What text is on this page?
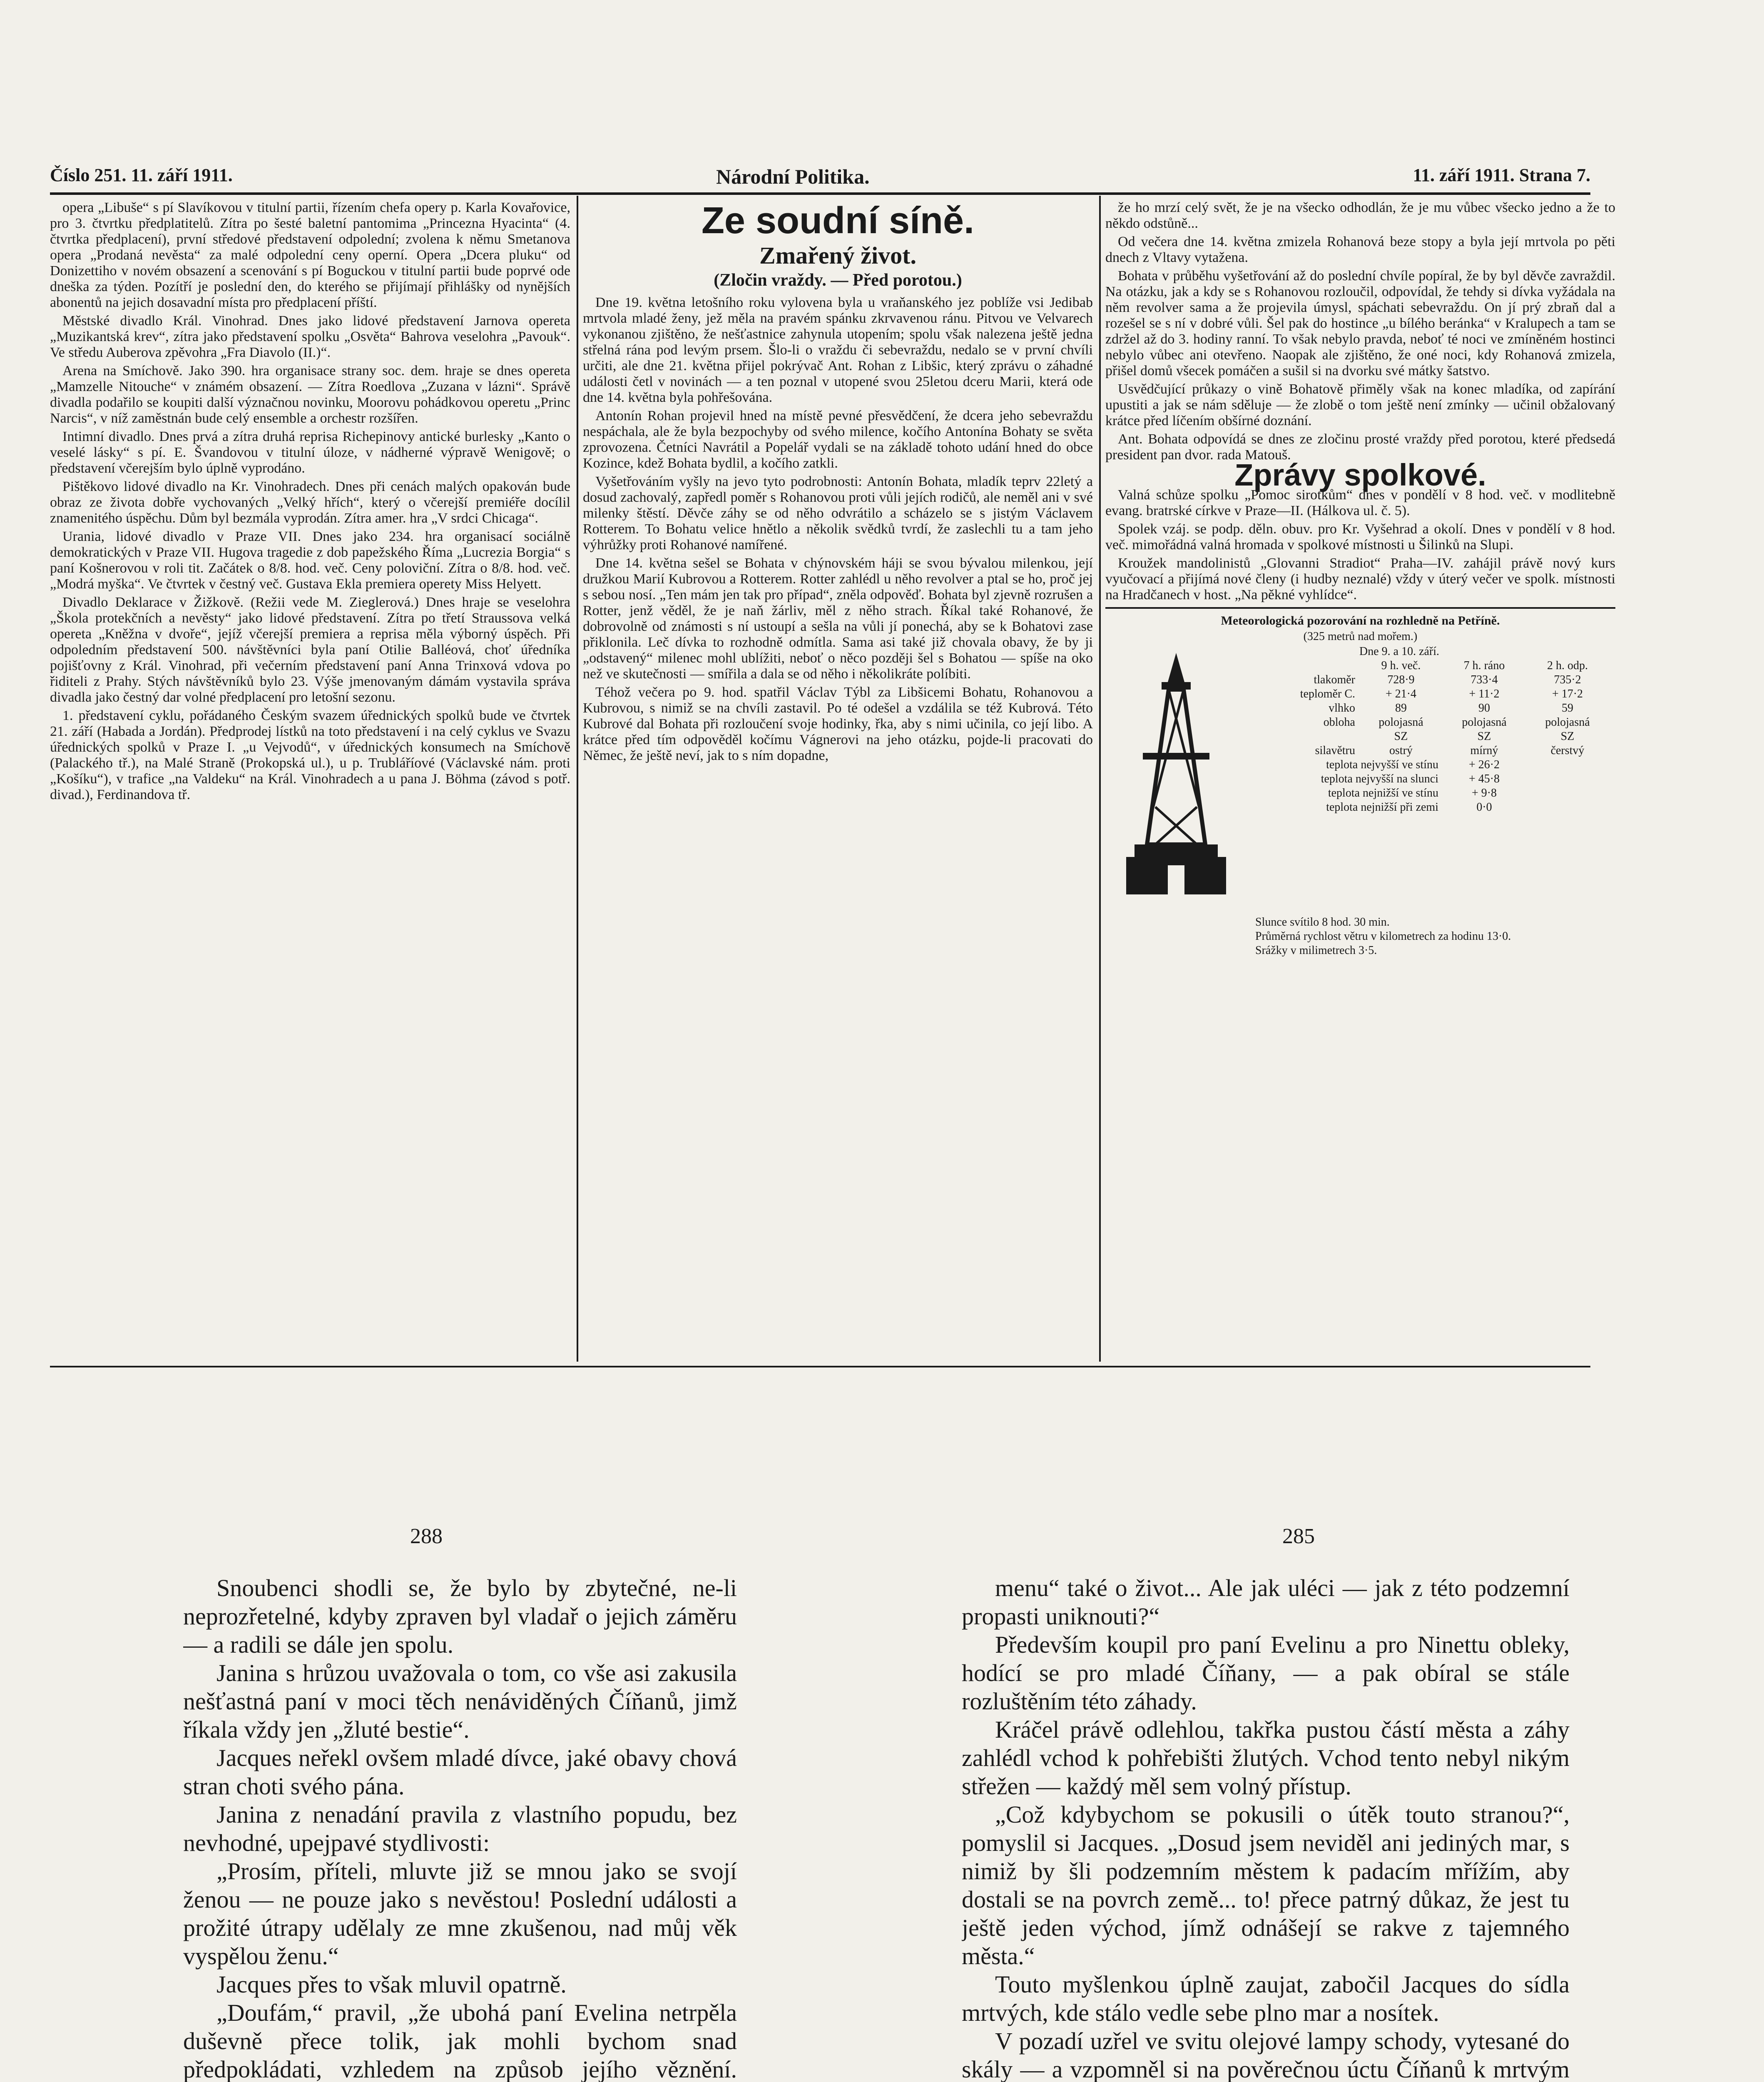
Číslo 251. 11. září 1911.	Národní Politika.	11. září 1911. Strana 7.

opera „Libuše“ s pí Slavíkovou v titulní partii, řízením chefa opery p. Karla Kovařovice, pro 3. čtvrtku předplatitelů. Zítra po šesté baletní pantomima „Princezna Hyacinta“ (4. čtvrtka předplacení), první středové představení odpolední; zvolena k němu Smetanova opera „Prodaná nevěsta“ za malé odpolední ceny operní. Opera „Dcera pluku“ od Donizettiho v novém obsazení a scenování s pí Boguckou v titulní partii bude poprvé ode dneška za týden. Pozítří je poslední den, do kterého se přijímají přihlášky od nynějších abonentů na jejich dosavadní místa pro předplacení příští.

Městské divadlo Král. Vinohrad. Dnes jako lidové představení Jarnova opereta „Muzikantská krev“, zítra jako představení spolku „Osvěta“ Bahrova veselohra „Pavouk“. Ve středu Auberova zpěvohra „Fra Diavolo (II.)“.

Arena na Smíchově. Jako 390. hra organisace strany soc. dem. hraje se dnes opereta „Mamzelle Nitouche“ v známém obsazení. — Zítra Roedlova „Zuzana v lázni“. Správě divadla podařilo se koupiti další význačnou novinku, Moorovu pohádkovou operetu „Princ Narcis“, v níž zaměstnán bude celý ensemble a orchestr rozšířen.

Intimní divadlo. Dnes prvá a zítra druhá reprisa Richepinovy antické burlesky „Kanto o veselé lásky“ s pí. E. Švandovou v titulní úloze, v nádherné výpravě Wenigově; o představení včerejším bylo úplně vyprodáno.

Pištěkovo lidové divadlo na Kr. Vinohradech. Dnes při cenách malých opakován bude obraz ze života dobře vychovaných „Velký hřích“, který o včerejší premiéře docílil znamenitého úspěchu. Dům byl bezmála vyprodán. Zítra amer. hra „V srdci Chicaga“.

Urania, lidové divadlo v Praze VII. Dnes jako 234. hra organisací sociálně demokratických v Praze VII. Hugova tragedie z dob papežského Říma „Lucrezia Borgia“ s paní Košnerovou v roli tit. Začátek o 8/8. hod. več. Ceny poloviční. Zítra o 8/8. hod. več. „Modrá myška“. Ve čtvrtek v čestný več. Gustava Ekla premiera operety Miss Helyett.

Divadlo Deklarace v Žižkově. (Režii vede M. Zieglerová.) Dnes hraje se veselohra „Škola protekčních a nevěsty“ jako lidové představení. Zítra po třetí Straussova velká opereta „Kněžna v dvoře“, jejíž včerejší premiera a reprisa měla výborný úspěch. Při odpoledním představení 500. návštěvníci byla paní Otilie Balléová, choť úředníka pojišťovny z Král. Vinohrad, při večerním představení paní Anna Trinxová vdova po řiditeli z Prahy. Stých návštěvníků bylo 23. Výše jmenovaným dámám vystavila správa divadla jako čestný dar volné předplacení pro letošní sezonu.

1. představení cyklu, pořádaného Českým svazem úřednických spolků bude ve čtvrtek 21. září (Habada a Jordán). Předprodej lístků na toto představení i na celý cyklus ve Svazu úřednických spolků v Praze I. „u Vejvodů“, v úřednických konsumech na Smíchově (Palackého tř.), na Malé Straně (Prokopská ul.), u p. Trubláříové (Václavské nám. proti „Košíku“), v trafice „na Valdeku“ na Král. Vinohradech a u pana J. Böhma (závod s potř. divad.), Ferdinandova tř.

Ze soudní síně.
Zmařený život.
(Zločin vraždy. — Před porotou.)

Dne 19. května letošního roku vylovena byla u vraňanského jez poblíže vsi Jedibab mrtvola mladé ženy, jež měla na pravém spánku zkrvavenou ránu. Pitvou ve Velvarech vykonanou zjištěno, že nešťastnice zahynula utopením; spolu však nalezena ještě jedna střelná rána pod levým prsem. Šlo-li o vraždu či sebevraždu, nedalo se v první chvíli určiti, ale dne 21. května přijel pokrývač Ant. Rohan z Libšic, který zprávu o záhadné události četl v novinách — a ten poznal v utopené svou 25letou dceru Marii, která ode dne 14. května byla pohřešována.

Antonín Rohan projevil hned na místě pevné přesvědčení, že dcera jeho sebevraždu nespáchala, ale že byla bezpochyby od svého milence, kočího Antonína Bohaty se světa zprovozena. Četníci Navrátil a Popelář vydali se na základě tohoto udání hned do obce Kozince, kdež Bohata bydlil, a kočího zatkli.

Vyšetřováním vyšly na jevo tyto podrobnosti: Antonín Bohata, mladík teprv 22letý a dosud zachovalý, zapředl poměr s Rohanovou proti vůli jejích rodičů, ale neměl ani v své milenky štěstí. Děvče záhy se od něho odvrátilo a scházelo se s jistým Václavem Rotterem. To Bohatu velice hnětlo a několik svědků tvrdí, že zaslechli tu a tam jeho výhrůžky proti Rohanové namířené.

Dne 14. května sešel se Bohata v chýnovském háji se svou bývalou milenkou, její družkou Marií Kubrovou a Rotterem. Rotter zahlédl u něho revolver a ptal se ho, proč jej s sebou nosí. „Ten mám jen tak pro případ“, zněla odpověď. Bohata byl zjevně rozrušen a Rotter, jenž věděl, že je naň žárliv, měl z něho strach. Říkal také Rohanové, že dobrovolně od známosti s ní ustoupí a sešla na vůli jí ponechá, aby se k Bohatovi zase přiklonila. Leč dívka to rozhodně odmítla. Sama asi také již chovala obavy, že by ji „odstavený“ milenec mohl ublížiti, neboť o něco později šel s Bohatou — spíše na oko než ve skutečnosti — smířila a dala se od něho i několikráte políbiti.

Téhož večera po 9. hod. spatřil Václav Týbl za Libšicemi Bohatu, Rohanovou a Kubrovou, s nimiž se na chvíli zastavil. Po té odešel a vzdálila se též Kubrová. Této Kubrové dal Bohata při rozloučení svoje hodinky, řka, aby s nimi učinila, co její libo. A krátce před tím odpověděl kočímu Vágnerovi na jeho otázku, pojde-li pracovati do Němec, že ještě neví, jak to s ním dopadne,

že ho mrzí celý svět, že je na všecko odhodlán, že je mu vůbec všecko jedno a že to někdo odstůně...

Od večera dne 14. května zmizela Rohanová beze stopy a byla její mrtvola po pěti dnech z Vltavy vytažena.

Bohata v průběhu vyšetřování až do poslední chvíle popíral, že by byl děvče zavraždil. Na otázku, jak a kdy se s Rohanovou rozloučil, odpovídal, že tehdy si dívka vyžádala na něm revolver sama a že projevila úmysl, spáchati sebevraždu. On jí prý zbraň dal a rozešel se s ní v dobré vůli. Šel pak do hostince „u bílého beránka“ v Kralupech a tam se zdržel až do 3. hodiny ranní. To však nebylo pravda, neboť té noci ve zmíněném hostinci nebylo vůbec ani otevřeno. Naopak ale zjištěno, že oné noci, kdy Rohanová zmizela, přišel domů všecek pomáčen a sušil si na dvorku své mátky šatstvo.

Usvědčující průkazy o vině Bohatově přiměly však na konec mladíka, od zapírání upustiti a jak se nám sděluje — že zlobě o tom ještě není zmínky — učinil obžalovaný krátce před líčením obšírné doznání.

Ant. Bohata odpovídá se dnes ze zločinu prosté vraždy před porotou, které předsedá president pan dvor. rada Matouš.

Zprávy spolkové.

Valná schůze spolku „Pomoc sirotkům“ dnes v pondělí v 8 hod. več. v modlitebně evang. bratrské církve v Praze—II. (Hálkova ul. č. 5).

Spolek vzáj. se podp. děln. obuv. pro Kr. Vyšehrad a okolí. Dnes v pondělí v 8 hod. več. mimořádná valná hromada v spolkové místnosti u Šilinků na Slupi.

Kroužek mandolinistů „Glovanni Stradiot“ Praha—IV. zahájil právě nový kurs vyučovací a přijímá nové členy (i hudby neznalé) vždy v úterý večer ve spolk. místnosti na Hradčanech v host. „Na pěkné vyhlídce“.

Meteorologická pozorování na rozhledně na Petříně.
(325 metrů nad mořem.)
Dne 9. a 10. září.
9 h. več.	7 h. ráno	2 h. odp.
tlakoměr	728·9	733·4	735·2
teploměr C.	+ 21·4	+ 11·2	+ 17·2
vlhko	89	90	59
obloha	polojasná	polojasná	polojasná
SZ	SZ	SZ
silavětru	ostrý	mírný	čerstvý
teplota nejvyšší ve stínu	+ 26·2
teplota nejvyšší na slunci	+ 45·8
teplota nejnižší ve stínu	+ 9·8
teplota nejnižší při zemi	0·0
Slunce svítilo 8 hod. 30 min.
Průměrná rychlost větru v kilometrech za hodinu 13·0.
Srážky v milimetrech 3·5.
288

Snoubenci shodli se, že bylo by zbytečné, ne-li neprozřetelné, kdyby zpraven byl vladař o jejich záměru — a radili se dále jen spolu.

Janina s hrůzou uvažovala o tom, co vše asi zakusila nešťastná paní v moci těch nenáviděných Číňanů, jimž říkala vždy jen „žluté bestie“.

Jacques neřekl ovšem mladé dívce, jaké obavy chová stran choti svého pána.

Janina z nenadání pravila z vlastního popudu, bez nevhodné, upejpavé stydlivosti:

„Prosím, příteli, mluvte již se mnou jako se svojí ženou — ne pouze jako s nevěstou! Poslední události a prožité útrapy udělaly ze mne zkušenou, nad můj věk vyspělou ženu.“

Jacques přes to však mluvil opatrně.

„Doufám,“ pravil, „že ubohá paní Evelina netrpěla duševně přece tolik, jak mohli bychom snad předpokládati, vzhledem na způsob jejího věznění.

285

menu“ také o život... Ale jak uléci — jak z této podzemní propasti uniknouti?“

Především koupil pro paní Evelinu a pro Ninettu obleky, hodící se pro mladé Číňany, — a pak obíral se stále rozluštěním této záhady.

Kráčel právě odlehlou, takřka pustou částí města a záhy zahlédl vchod k pohřebišti žlutých. Vchod tento nebyl nikým střežen — každý měl sem volný přístup.

„Což kdybychom se pokusili o útěk touto stranou?“, pomyslil si Jacques. „Dosud jsem neviděl ani jediných mar, s nimiž by šli podzemním městem k padacím mřížím, aby dostali se na povrch země... to! přece patrný důkaz, že jest tu ještě jeden východ, jímž odnášejí se rakve z tajemného města.“

Touto myšlenkou úplně zaujat, zabočil Jacques do sídla mrtvých, kde stálo vedle sebe plno mar a nosítek.

V pozadí uzřel ve svitu olejové lampy schody, vytesané do skály — a vzpomněl si na pověrečnou úctu Číňanů k mrtvým
